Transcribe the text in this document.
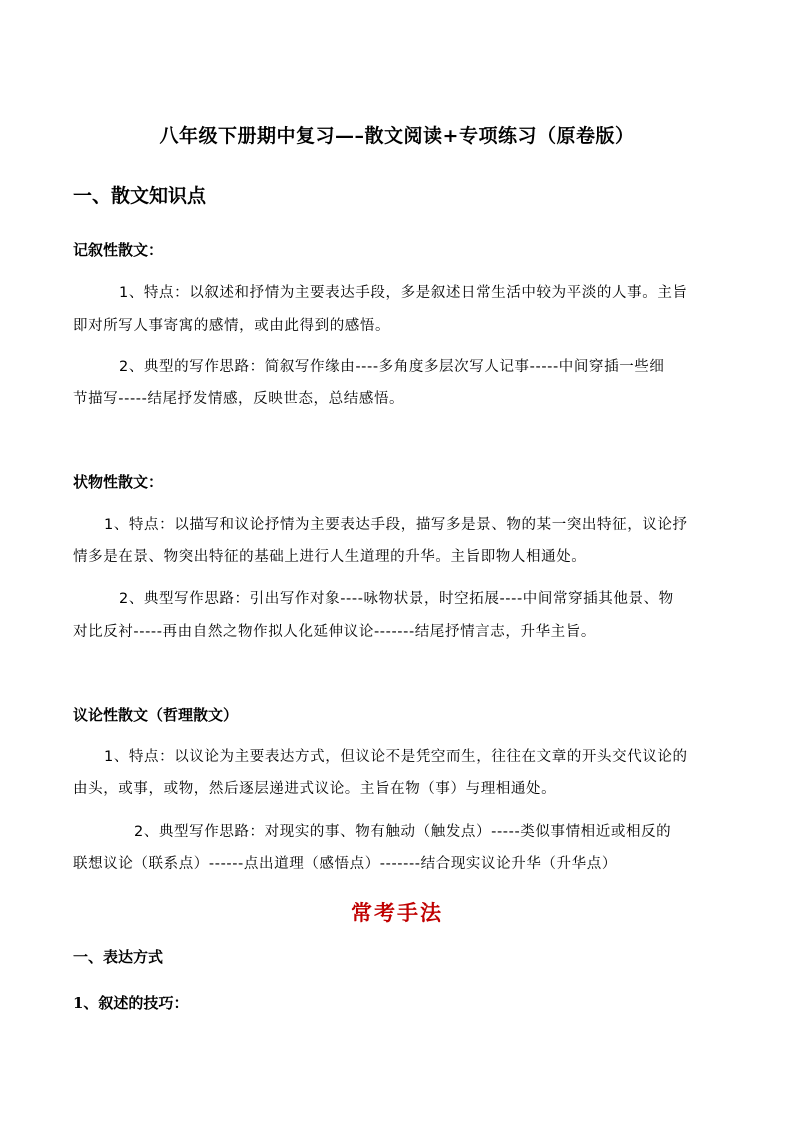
八年级下册期中复习—–散文阅读+专项练习（原卷版）
一、散文知识点
记叙性散文：
1、特点：以叙述和抒情为主要表达手段，多是叙述日常生活中较为平淡的人事。主旨
即对所写人事寄寓的感情，或由此得到的感悟。
2、典型的写作思路：简叙写作缘由----多角度多层次写人记事-----中间穿插一些细
节描写-----结尾抒发情感，反映世态，总结感悟。
状物性散文：
1、特点：以描写和议论抒情为主要表达手段，描写多是景、物的某一突出特征，议论抒
情多是在景、物突出特征的基础上进行人生道理的升华。主旨即物人相通处。
2、典型写作思路：引出写作对象----咏物状景，时空拓展----中间常穿插其他景、物
对比反衬-----再由自然之物作拟人化延伸议论-------结尾抒情言志，升华主旨。
议论性散文（哲理散文）
1、特点：以议论为主要表达方式，但议论不是凭空而生，往往在文章的开头交代议论的
由头，或事，或物，然后逐层递进式议论。主旨在物（事）与理相通处。
2、典型写作思路：对现实的事、物有触动（触发点）-----类似事情相近或相反的
联想议论（联系点）------点出道理（感悟点）-------结合现实议论升华（升华点）
常考手法
一、表达方式
1、叙述的技巧：
